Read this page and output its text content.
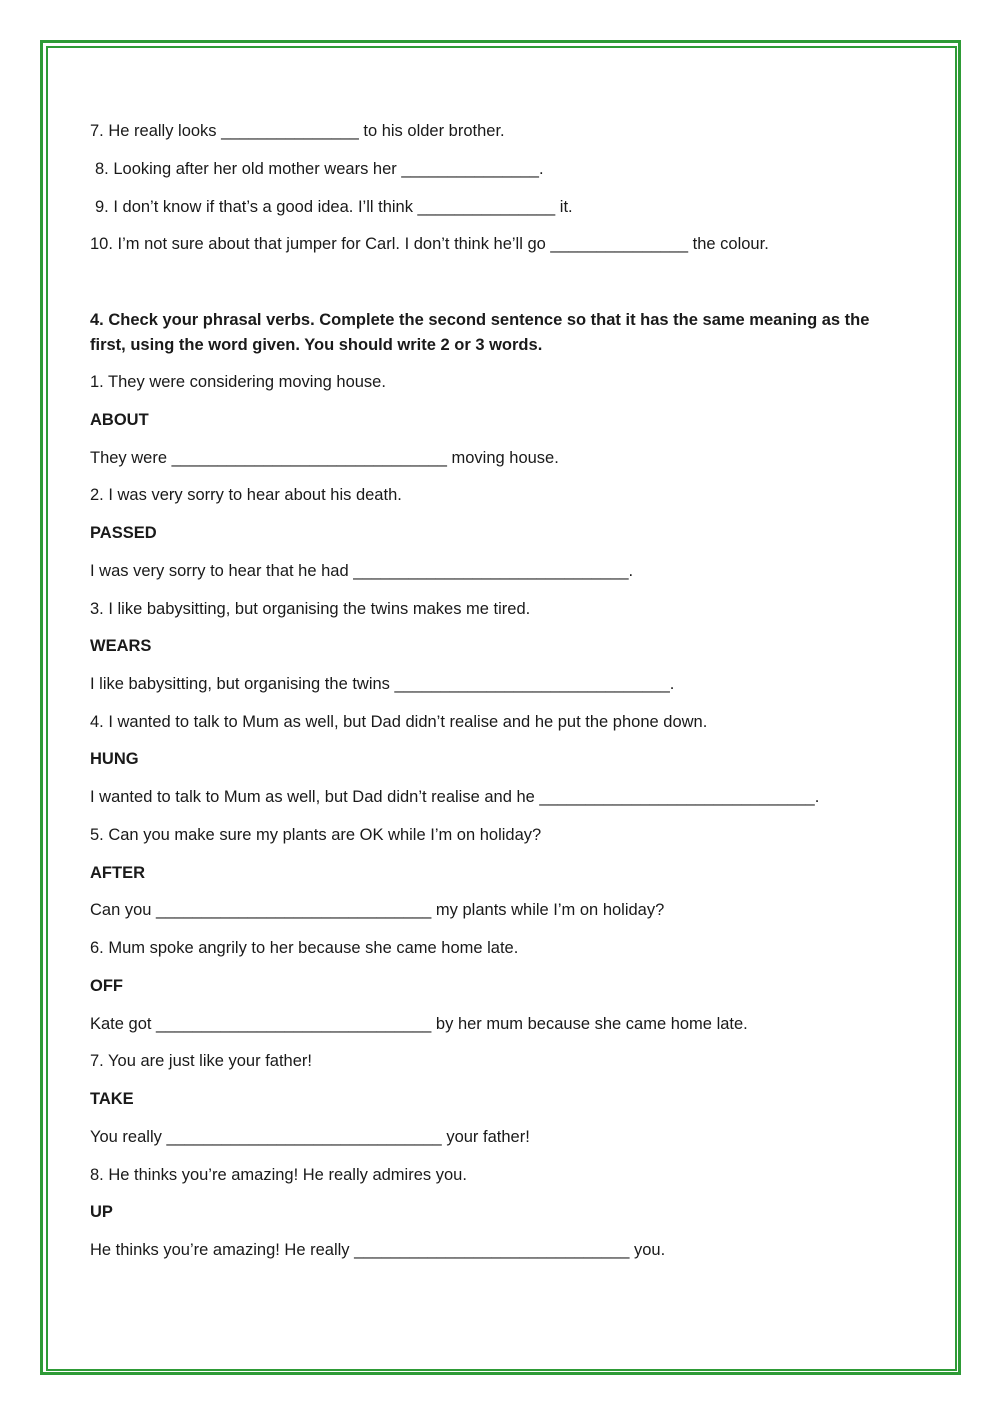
7. He really looks _______________ to his older brother.
8. Looking after her old mother wears her _______________.
9. I don’t know if that’s a good idea. I’ll think _______________ it.
10. I’m not sure about that jumper for Carl. I don’t think he’ll go _______________ the colour.
4. Check your phrasal verbs. Complete the second sentence so that it has the same meaning as the first, using the word given. You should write 2 or 3 words.
1. They were considering moving house.
ABOUT
They were ______________________________ moving house.
2. I was very sorry to hear about his death.
PASSED
I was very sorry to hear that he had ______________________________.
3. I like babysitting, but organising the twins makes me tired.
WEARS
I like babysitting, but organising the twins ______________________________.
4. I wanted to talk to Mum as well, but Dad didn’t realise and he put the phone down.
HUNG
I wanted to talk to Mum as well, but Dad didn’t realise and he ______________________________.
5. Can you make sure my plants are OK while I’m on holiday?
AFTER
Can you ______________________________ my plants while I’m on holiday?
6. Mum spoke angrily to her because she came home late.
OFF
Kate got ______________________________ by her mum because she came home late.
7. You are just like your father!
TAKE
You really ______________________________ your father!
8. He thinks you’re amazing! He really admires you.
UP
He thinks you’re amazing! He really ______________________________ you.
